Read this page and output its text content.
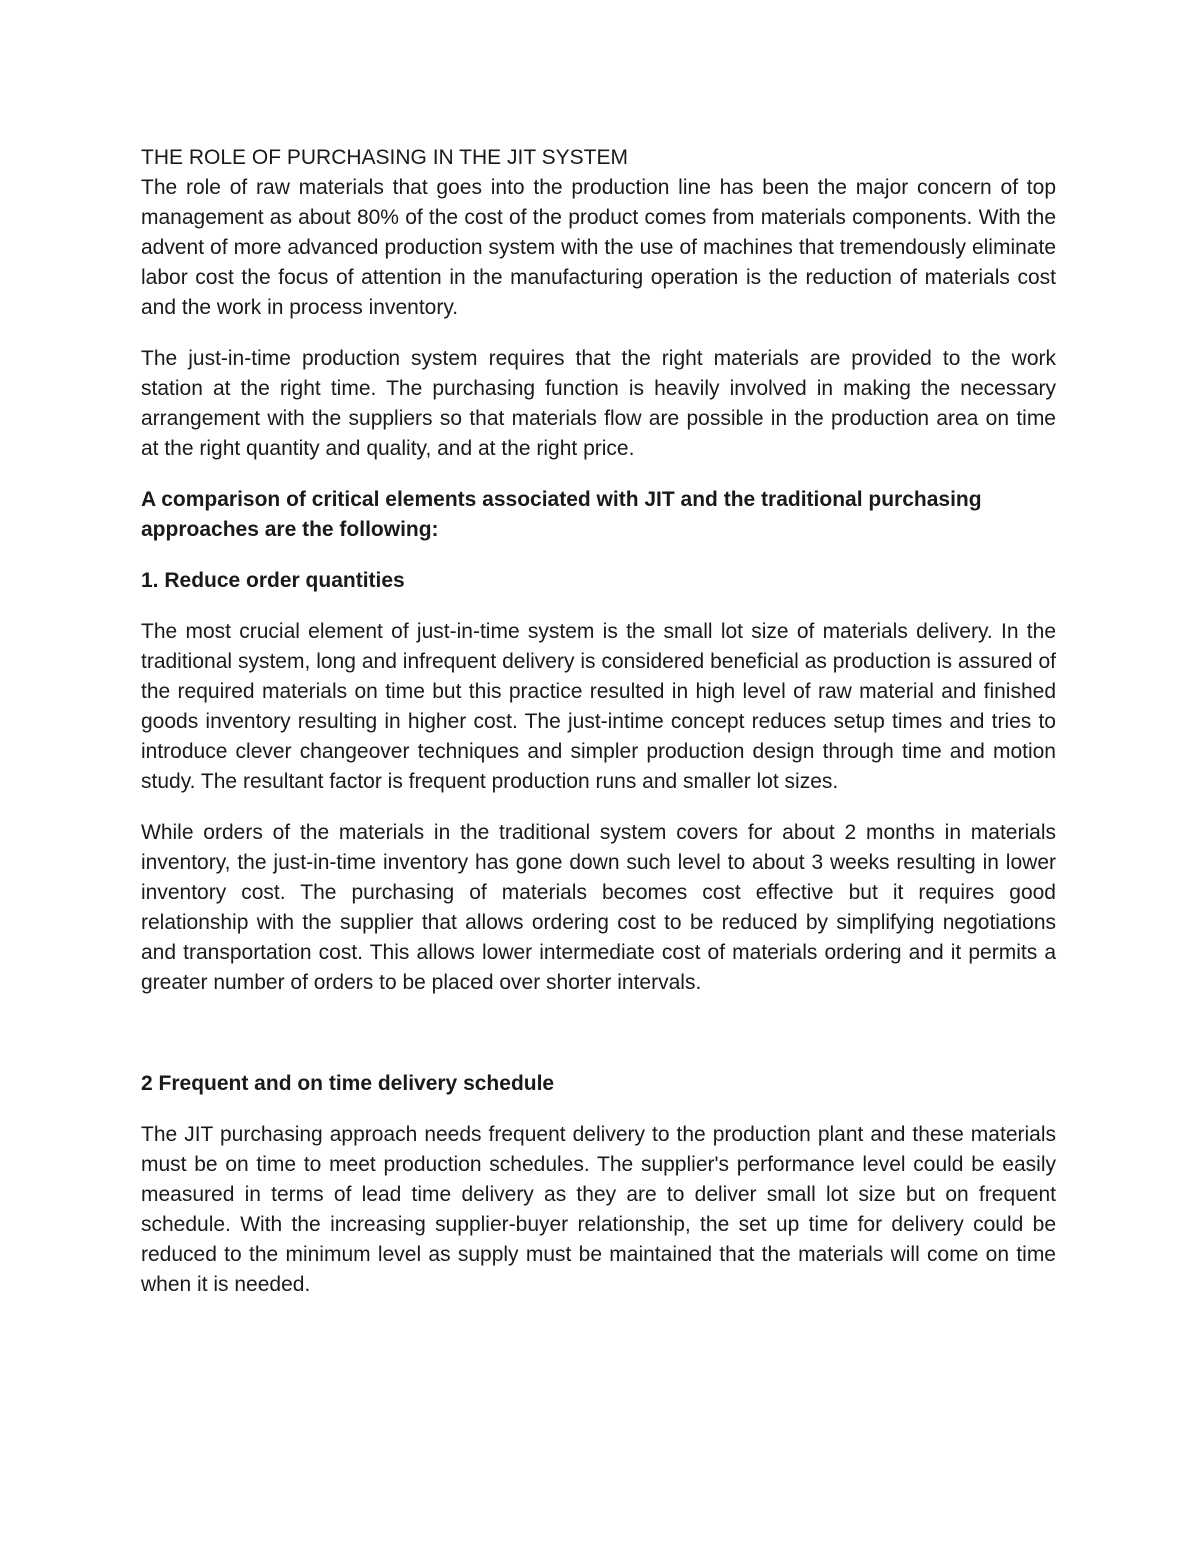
THE ROLE OF PURCHASING IN THE JIT SYSTEM

The role of raw materials that goes into the production line has been the major concern of top management as about 80% of the cost of the product comes from materials components. With the advent of more advanced production system with the use of machines that tremendously eliminate labor cost the focus of attention in the manufacturing operation is the reduction of materials cost and the work in process inventory.

The just-in-time production system requires that the right materials are provided to the work station at the right time. The purchasing function is heavily involved in making the necessary arrangement with the suppliers so that materials flow are possible in the production area on time at the right quantity and quality, and at the right price.

A comparison of critical elements associated with JIT and the traditional purchasing approaches are the following:

1. Reduce order quantities

The most crucial element of just-in-time system is the small lot size of materials delivery. In the traditional system, long and infrequent delivery is considered beneficial as production is assured of the required materials on time but this practice resulted in high level of raw material and finished goods inventory resulting in higher cost. The just-intime concept reduces setup times and tries to introduce clever changeover techniques and simpler production design through time and motion study. The resultant factor is frequent production runs and smaller lot sizes.

While orders of the materials in the traditional system covers for about 2 months in materials inventory, the just-in-time inventory has gone down such level to about 3 weeks resulting in lower inventory cost. The purchasing of materials becomes cost effective but it requires good relationship with the supplier that allows ordering cost to be reduced by simplifying negotiations and transportation cost. This allows lower intermediate cost of materials ordering and it permits a greater number of orders to be placed over shorter intervals.

2 Frequent and on time delivery schedule

The JIT purchasing approach needs frequent delivery to the production plant and these materials must be on time to meet production schedules. The supplier's performance level could be easily measured in terms of lead time delivery as they are to deliver small lot size but on frequent schedule. With the increasing supplier-buyer relationship, the set up time for delivery could be reduced to the minimum level as supply must be maintained that the materials will come on time when it is needed.
